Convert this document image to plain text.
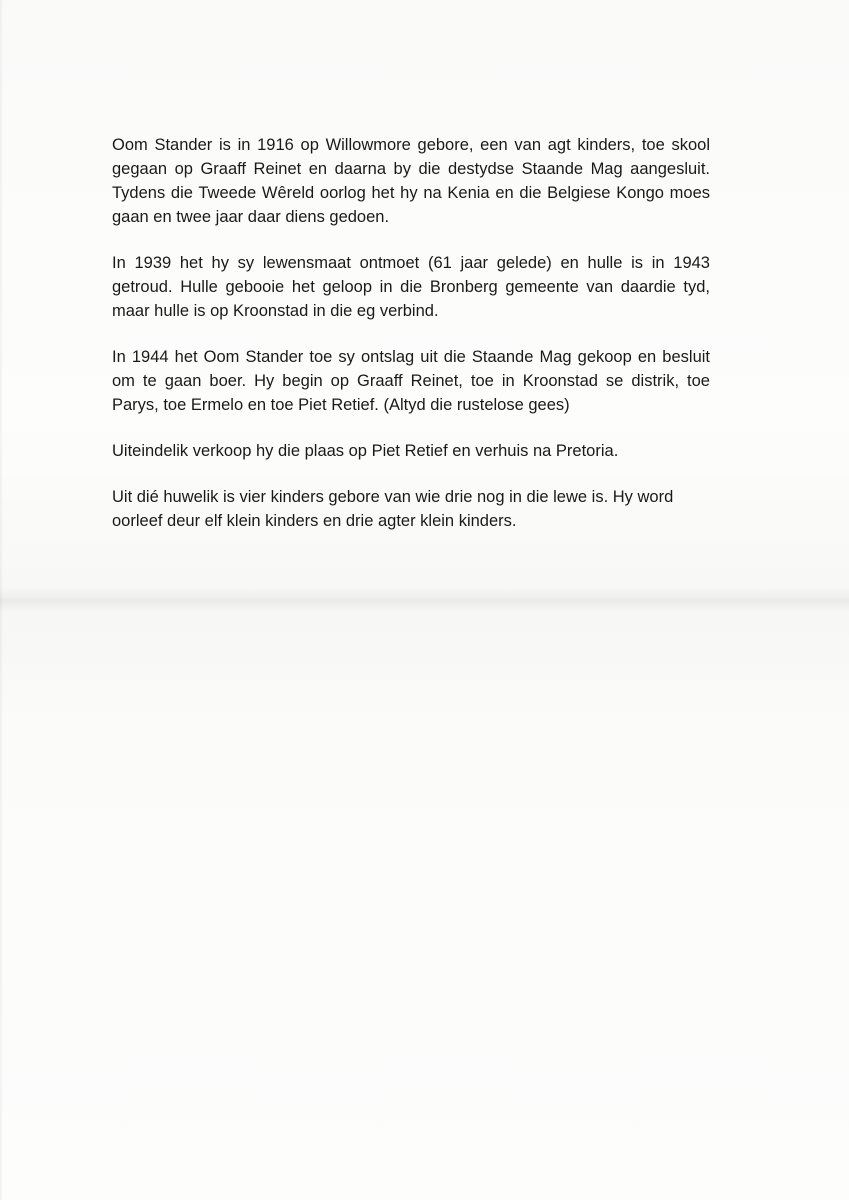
Oom Stander is in 1916 op Willowmore gebore, een van agt kinders, toe skool gegaan op Graaff Reinet en daarna by die destydse Staande Mag aangesluit. Tydens die Tweede Wêreld oorlog het hy na Kenia en die Belgiese Kongo moes gaan en twee jaar daar diens gedoen.

In 1939 het hy sy lewensmaat ontmoet (61 jaar gelede) en hulle is in 1943 getroud. Hulle gebooie het geloop in die Bronberg gemeente van daardie tyd, maar hulle is op Kroonstad in die eg verbind.

In 1944 het Oom Stander toe sy ontslag uit die Staande Mag gekoop en besluit om te gaan boer. Hy begin op Graaff Reinet, toe in Kroonstad se distrik, toe Parys, toe Ermelo en toe Piet Retief. (Altyd die rustelose gees)

Uiteindelik verkoop hy die plaas op Piet Retief en verhuis na Pretoria.

Uit dié huwelik is vier kinders gebore van wie drie nog in die lewe is. Hy word oorleef deur elf klein kinders en drie agter klein kinders.
